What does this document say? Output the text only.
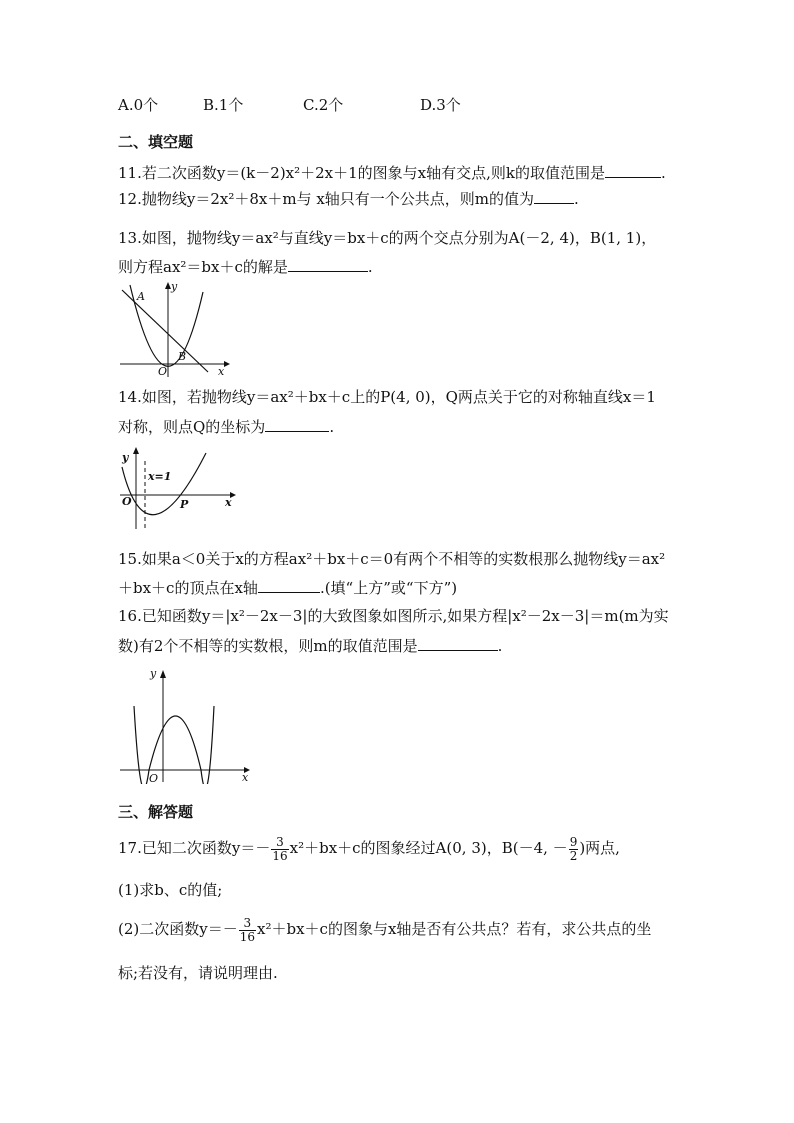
A.0个	B.1个	C.2个	D.3个
二、填空题
11.若二次函数y＝(k－2)x²＋2x＋1的图象与x轴有交点,则k的取值范围是	.
12.抛物线y＝2x²＋8x＋m与 x轴只有一个公共点，则m的值为	.
13.如图，抛物线y＝ax²与直线y＝bx＋c的两个交点分别为A(－2, 4)，B(1, 1)，
则方程ax²＝bx＋c的解是	.
A
B
y
x
O
14.如图，若抛物线y＝ax²＋bx＋c上的P(4, 0)，Q两点关于它的对称轴直线x＝1
对称，则点Q的坐标为	.
y
x=1
O	P	x
15.如果a＜0关于x的方程ax²＋bx＋c＝0有两个不相等的实数根那么抛物线y＝ax²
＋bx＋c的顶点在x轴	.(填“上方”或“下方”)
16.已知函数y＝|x²－2x－3|的大致图象如图所示,如果方程|x²－2x－3|＝m(m为实
数)有2个不相等的实数根，则m的取值范围是	.
y
O	x
三、解答题
17.已知二次函数$y=- \frac{3}{16} x^2+bx+c$的图象经过A(0, 3)，B(－4, － $\frac{9}{2}$ )两点,
(1)求b、c的值;
(2)二次函数$y=- \frac{3}{16} x^2+bx+c$的图象与x轴是否有公共点？若有，求公共点的坐
标;若没有，请说明理由.
